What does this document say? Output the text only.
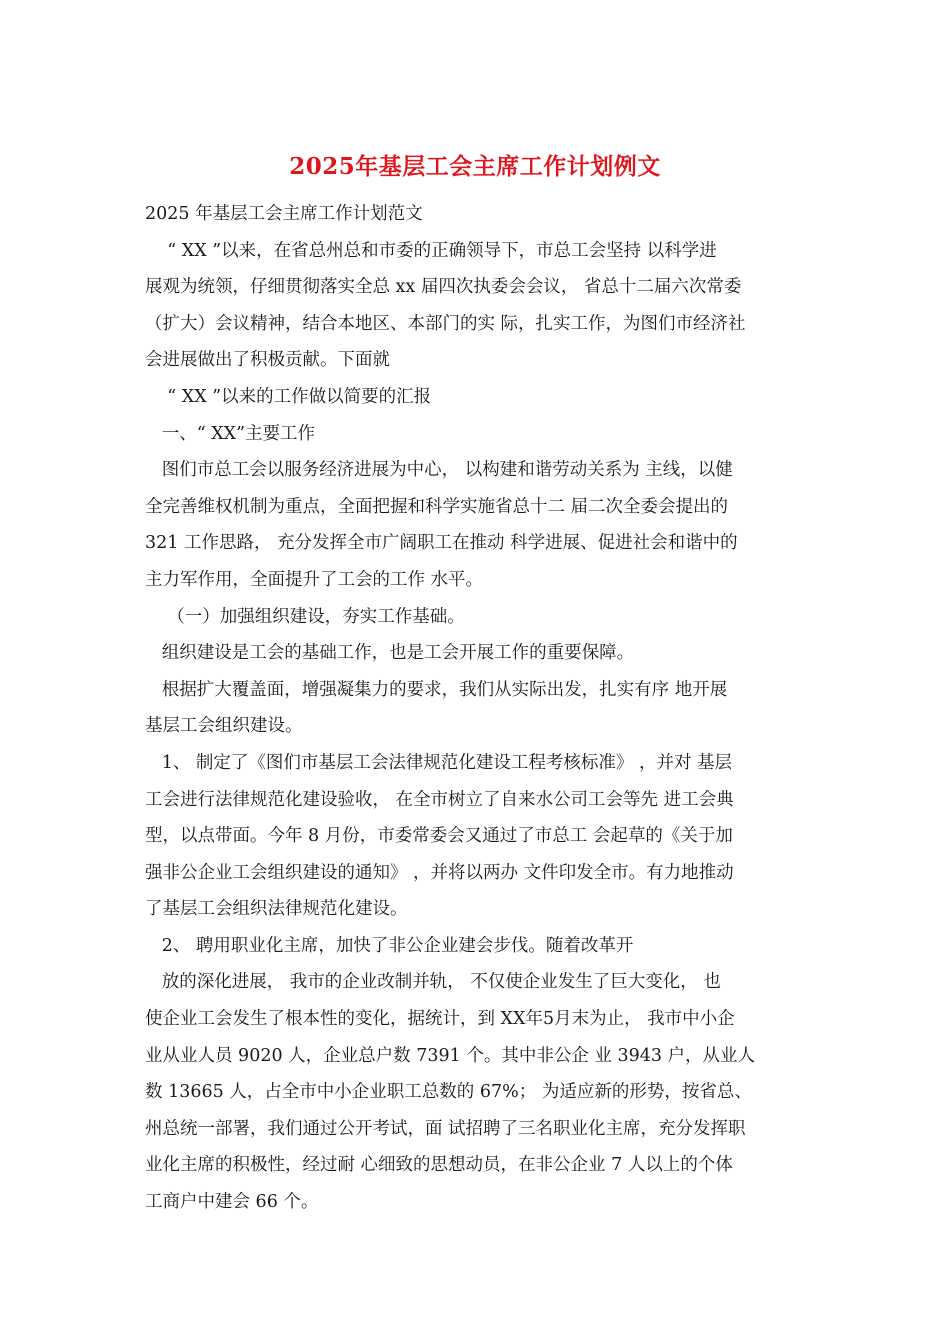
2025年基层工会主席工作计划例文
2025 年基层工会主席工作计划范文
“ XX ”以来，在省总州总和市委的正确领导下，市总工会坚持 以科学进
展观为统领，仔细贯彻落实全总 xx 届四次执委会会议， 省总十二届六次常委
（扩大）会议精神，结合本地区、本部门的实 际，扎实工作，为图们市经济社
会进展做出了积极贡献。下面就
“ XX ”以来的工作做以简要的汇报
一、“ XX”主要工作
图们市总工会以服务经济进展为中心， 以构建和谐劳动关系为 主线，以健
全完善维权机制为重点，全面把握和科学实施省总十二 届二次全委会提出的
321 工作思路， 充分发挥全市广阔职工在推动 科学进展、促进社会和谐中的
主力军作用，全面提升了工会的工作 水平。
（一）加强组织建设，夯实工作基础。
组织建设是工会的基础工作，也是工会开展工作的重要保障。
根据扩大覆盖面，增强凝集力的要求，我们从实际出发，扎实有序 地开展
基层工会组织建设。
1、 制定了《图们市基层工会法律规范化建设工程考核标准》 ，并对 基层
工会进行法律规范化建设验收， 在全市树立了自来水公司工会等先 进工会典
型，以点带面。今年 8 月份，市委常委会又通过了市总工 会起草的《关于加
强非公企业工会组织建设的通知》 ，并将以两办 文件印发全市。有力地推动
了基层工会组织法律规范化建设。
2、 聘用职业化主席，加快了非公企业建会步伐。随着改革开
放的深化进展， 我市的企业改制并轨， 不仅使企业发生了巨大变化， 也
使企业工会发生了根本性的变化，据统计，到 XX年5月末为止， 我市中小企
业从业人员 9020 人，企业总户数 7391 个。其中非公企 业 3943 户，从业人
数 13665 人，占全市中小企业职工总数的 67%； 为适应新的形势，按省总、
州总统一部署，我们通过公开考试，面 试招聘了三名职业化主席，充分发挥职
业化主席的积极性，经过耐 心细致的思想动员，在非公企业 7 人以上的个体
工商户中建会 66 个。
